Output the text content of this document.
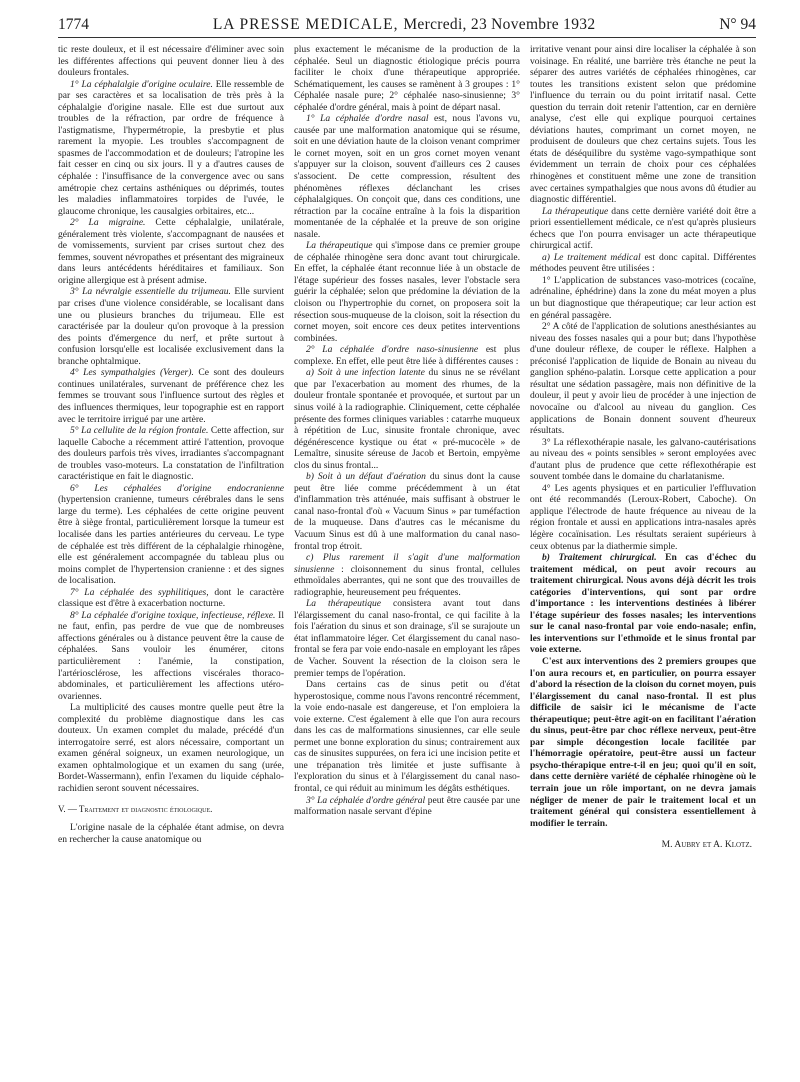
1774	LA PRESSE MEDICALE, Mercredi, 23 Novembre 1932	N° 94

tic reste douleux, et il est nécessaire d'éliminer avec soin les différentes affections qui peuvent donner lieu à des douleurs frontales.

1° La céphalalgie d'origine oculaire. Elle ressemble de par ses caractères et sa localisation de très près à la céphalalgie d'origine nasale. Elle est due surtout aux troubles de la réfraction, par ordre de fréquence à l'astigmatisme, l'hypermétropie, la presbytie et plus rarement la myopie. Les troubles s'accompagnent de spasmes de l'accommodation et de douleurs; l'atropine les fait cesser en cinq ou six jours. Il y a d'autres causes de céphalée : l'insuffisance de la convergence avec ou sans amétropie chez certains asthéniques ou déprimés, toutes les maladies inflammatoires torpides de l'uvée, le glaucome chronique, les causalgies orbitaires, etc...

2° La migraine. Cette céphalalgie, unilatérale, généralement très violente, s'accompagnant de nausées et de vomissements, survient par crises surtout chez des femmes, souvent névropathes et présentant des migraineux dans leurs antécédents héréditaires et familiaux. Son origine allergique est à présent admise.

3° La névralgie essentielle du trijumeau. Elle survient par crises d'une violence considérable, se localisant dans une ou plusieurs branches du trijumeau. Elle est caractérisée par la douleur qu'on provoque à la pression des points d'émergence du nerf, et prête surtout à confusion lorsqu'elle est localisée exclusivement dans la branche ophtalmique.

4° Les sympathalgies (Verger). Ce sont des douleurs continues unilatérales, survenant de préférence chez les femmes se trouvant sous l'influence surtout des règles et des influences thermiques, leur topographie est en rapport avec le territoire irrigué par une artère.

5° La cellulite de la région frontale. Cette affection, sur laquelle Caboche a récemment attiré l'attention, provoque des douleurs parfois très vives, irradiantes s'accompagnant de troubles vaso-moteurs. La constatation de l'infiltration caractéristique en fait le diagnostic.

6° Les céphalées d'origine endocranienne (hypertension cranienne, tumeurs cérébrales dans le sens large du terme). Les céphalées de cette origine peuvent être à siège frontal, particulièrement lorsque la tumeur est localisée dans les parties antérieures du cerveau. Le type de céphalée est très différent de la céphalalgie rhinogène, elle est généralement accompagnée du tableau plus ou moins complet de l'hypertension cranienne : et des signes de localisation.

7° La céphalée des syphilitiques, dont le caractère classique est d'être à exacerbation nocturne.

8° La céphalée d'origine toxique, infectieuse, réflexe. Il ne faut, enfin, pas perdre de vue que de nombreuses affections générales ou à distance peuvent être la cause de céphalées. Sans vouloir les énumérer, citons particulièrement : l'anémie, la constipation, l'artériosclérose, les affections viscérales thoraco-abdominales, et particulièrement les affections utéro-ovariennes.

La multiplicité des causes montre quelle peut être la complexité du problème diagnostique dans les cas douteux. Un examen complet du malade, précédé d'un interrogatoire serré, est alors nécessaire, comportant un examen général soigneux, un examen neurologique, un examen ophtalmologique et un examen du sang (urée, Bordet-Wassermann), enfin l'examen du liquide céphalo-rachidien seront souvent nécessaires.

V. — Traitement et diagnostic étiologique.

L'origine nasale de la céphalée étant admise, on devra en rechercher la cause anatomique ou

plus exactement le mécanisme de la production de la céphalée. Seul un diagnostic étiologique précis pourra faciliter le choix d'une thérapeutique appropriée. Schématiquement, les causes se ramènent à 3 groupes : 1° Céphalée nasale pure; 2° céphalée naso-sinusienne; 3° céphalée d'ordre général, mais à point de départ nasal.

1° La céphalée d'ordre nasal est, nous l'avons vu, causée par une malformation anatomique qui se résume, soit en une déviation haute de la cloison venant comprimer le cornet moyen, soit en un gros cornet moyen venant s'appuyer sur la cloison, souvent d'ailleurs ces 2 causes s'associent. De cette compression, résultent des phénomènes réflexes déclanchant les crises céphalalgiques. On conçoit que, dans ces conditions, une rétraction par la cocaïne entraîne à la fois la disparition momentanée de la céphalée et la preuve de son origine nasale.

La thérapeutique qui s'impose dans ce premier groupe de céphalée rhinogène sera donc avant tout chirurgicale. En effet, la céphalée étant reconnue liée à un obstacle de l'étage supérieur des fosses nasales, lever l'obstacle sera guérir la céphalée; selon que prédomine la déviation de la cloison ou l'hypertrophie du cornet, on proposera soit la résection sous-muqueuse de la cloison, soit la résection du cornet moyen, soit encore ces deux petites interventions combinées.

2° La céphalée d'ordre naso-sinusienne est plus complexe. En effet, elle peut être liée à différentes causes :

a) Soit à une infection latente du sinus ne se révélant que par l'exacerbation au moment des rhumes, de la douleur frontale spontanée et provoquée, et surtout par un sinus voilé à la radiographie. Cliniquement, cette céphalée présente des formes cliniques variables : catarrhe muqueux à répétition de Luc, sinusite frontale chronique, avec dégénérescence kystique ou état « pré-mucocèle » de Lemaître, sinusite séreuse de Jacob et Bertoin, empyème clos du sinus frontal...

b) Soit à un défaut d'aération du sinus dont la cause peut être liée comme précédemment à un état d'inflammation très atténuée, mais suffisant à obstruer le canal naso-frontal d'où « Vacuum Sinus » par tuméfaction de la muqueuse. Dans d'autres cas le mécanisme du Vacuum Sinus est dû à une malformation du canal naso-frontal trop étroit.

c) Plus rarement il s'agit d'une malformation sinusienne : cloisonnement du sinus frontal, cellules ethmoïdales aberrantes, qui ne sont que des trouvailles de radiographie, heureusement peu fréquentes.

La thérapeutique consistera avant tout dans l'élargissement du canal naso-frontal, ce qui facilite à la fois l'aération du sinus et son drainage, s'il se surajoute un état inflammatoire léger. Cet élargissement du canal naso-frontal se fera par voie endo-nasale en employant les râpes de Vacher. Souvent la résection de la cloison sera le premier temps de l'opération.

Dans certains cas de sinus petit ou d'état hyperostosique, comme nous l'avons rencontré récemment, la voie endo-nasale est dangereuse, et l'on emploiera la voie externe. C'est également à elle que l'on aura recours dans les cas de malformations sinusiennes, car elle seule permet une bonne exploration du sinus; contrairement aux cas de sinusites suppurées, on fera ici une incision petite et une trépanation très limitée et juste suffisante à l'exploration du sinus et à l'élargissement du canal naso-frontal, ce qui réduit au minimum les dégâts esthétiques.

3° La céphalée d'ordre général peut être causée par une malformation nasale servant d'épine

irritative venant pour ainsi dire localiser la céphalée à son voisinage. En réalité, une barrière très étanche ne peut la séparer des autres variétés de céphalées rhinogènes, car toutes les transitions existent selon que prédomine l'influence du terrain ou du point irritatif nasal. Cette question du terrain doit retenir l'attention, car en dernière analyse, c'est elle qui explique pourquoi certaines déviations hautes, comprimant un cornet moyen, ne produisent de douleurs que chez certains sujets. Tous les états de déséquilibre du système vago-sympathique sont évidemment un terrain de choix pour ces céphalées rhinogènes et constituent même une zone de transition avec certaines sympathalgies que nous avons dû étudier au diagnostic différentiel.

La thérapeutique dans cette dernière variété doit être a priori essentiellement médicale, ce n'est qu'après plusieurs échecs que l'on pourra envisager un acte thérapeutique chirurgical actif.

a) Le traitement médical est donc capital. Différentes méthodes peuvent être utilisées :

1° L'application de substances vaso-motrices (cocaïne, adrénaline, éphédrine) dans la zone du méat moyen a plus un but diagnostique que thérapeutique; car leur action est en général passagère.

2° A côté de l'application de solutions anesthésiantes au niveau des fosses nasales qui a pour but; dans l'hypothèse d'une douleur réflexe, de couper le réflexe. Halphen a préconisé l'application de liquide de Bonain au niveau du ganglion sphéno-palatin. Lorsque cette application a pour résultat une sédation passagère, mais non définitive de la douleur, il peut y avoir lieu de procéder à une injection de novocaïne ou d'alcool au niveau du ganglion. Ces applications de Bonain donnent souvent d'heureux résultats.

3° La réflexothérapie nasale, les galvano-cautérisations au niveau des « points sensibles » seront employées avec d'autant plus de prudence que cette réflexothérapie est souvent tombée dans le domaine du charlatanisme.

4° Les agents physiques et en particulier l'effluvation ont été recommandés (Leroux-Robert, Caboche). On applique l'électrode de haute fréquence au niveau de la région frontale et aussi en applications intra-nasales après légère cocaïnisation. Les résultats seraient supérieurs à ceux obtenus par la diathermie simple.

b) Traitement chirurgical. En cas d'échec du traitement médical, on peut avoir recours au traitement chirurgical. Nous avons déjà décrit les trois catégories d'interventions, qui sont par ordre d'importance : les interventions destinées à libérer l'étage supérieur des fosses nasales; les interventions sur le canal naso-frontal par voie endo-nasale; enfin, les interventions sur l'ethmoïde et le sinus frontal par voie externe.

C'est aux interventions des 2 premiers groupes que l'on aura recours et, en particulier, on pourra essayer d'abord la résection de la cloison du cornet moyen, puis l'élargissement du canal naso-frontal. Il est plus difficile de saisir ici le mécanisme de l'acte thérapeutique; peut-être agit-on en facilitant l'aération du sinus, peut-être par choc réflexe nerveux, peut-être par simple décongestion locale facilitée par l'hémorragie opératoire, peut-être aussi un facteur psycho-thérapique entre-t-il en jeu; quoi qu'il en soit, dans cette dernière variété de céphalée rhinogène où le terrain joue un rôle important, on ne devra jamais négliger de mener de pair le traitement local et un traitement général qui consistera essentiellement à modifier le terrain.

M. Aubry et A. Klotz.
